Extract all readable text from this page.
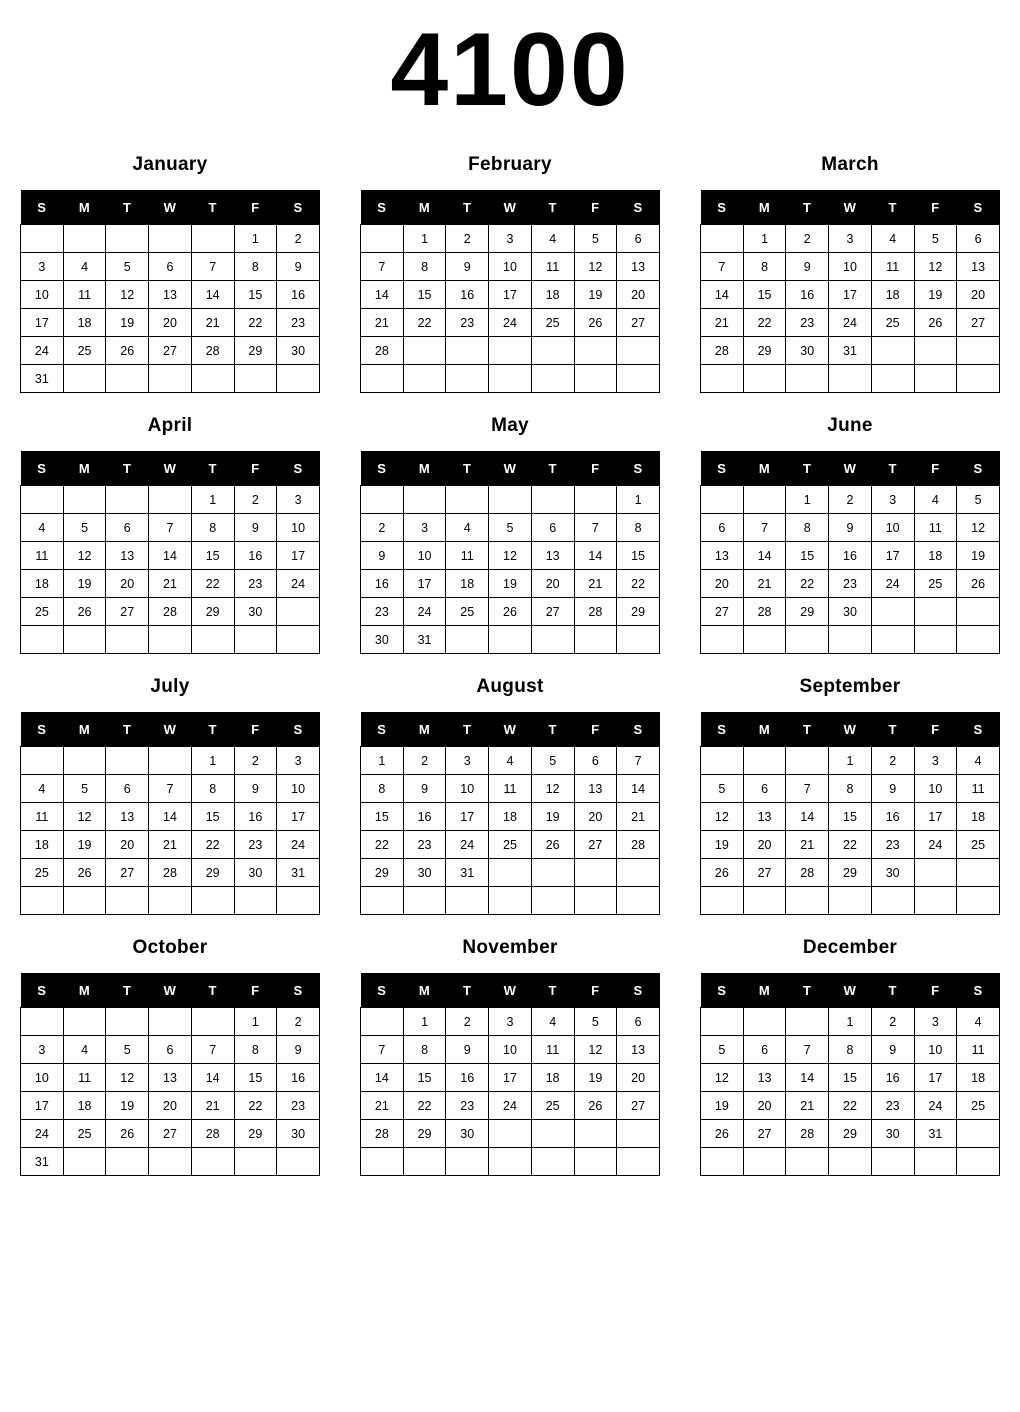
4100
January
S	M	T	W	T	F	S
					1	2
3	4	5	6	7	8	9
10	11	12	13	14	15	16
17	18	19	20	21	22	23
24	25	26	27	28	29	30
31						
February
S	M	T	W	T	F	S
	1	2	3	4	5	6
7	8	9	10	11	12	13
14	15	16	17	18	19	20
21	22	23	24	25	26	27
28						

March
S	M	T	W	T	F	S
	1	2	3	4	5	6
7	8	9	10	11	12	13
14	15	16	17	18	19	20
21	22	23	24	25	26	27
28	29	30	31			

April
S	M	T	W	T	F	S
				1	2	3
4	5	6	7	8	9	10
11	12	13	14	15	16	17
18	19	20	21	22	23	24
25	26	27	28	29	30	

May
S	M	T	W	T	F	S
						1
2	3	4	5	6	7	8
9	10	11	12	13	14	15
16	17	18	19	20	21	22
23	24	25	26	27	28	29
30	31					
June
S	M	T	W	T	F	S
		1	2	3	4	5
6	7	8	9	10	11	12
13	14	15	16	17	18	19
20	21	22	23	24	25	26
27	28	29	30			

July
S	M	T	W	T	F	S
				1	2	3
4	5	6	7	8	9	10
11	12	13	14	15	16	17
18	19	20	21	22	23	24
25	26	27	28	29	30	31

August
S	M	T	W	T	F	S
1	2	3	4	5	6	7
8	9	10	11	12	13	14
15	16	17	18	19	20	21
22	23	24	25	26	27	28
29	30	31				

September
S	M	T	W	T	F	S
			1	2	3	4
5	6	7	8	9	10	11
12	13	14	15	16	17	18
19	20	21	22	23	24	25
26	27	28	29	30		

October
S	M	T	W	T	F	S
					1	2
3	4	5	6	7	8	9
10	11	12	13	14	15	16
17	18	19	20	21	22	23
24	25	26	27	28	29	30
31						
November
S	M	T	W	T	F	S
	1	2	3	4	5	6
7	8	9	10	11	12	13
14	15	16	17	18	19	20
21	22	23	24	25	26	27
28	29	30				

December
S	M	T	W	T	F	S
			1	2	3	4
5	6	7	8	9	10	11
12	13	14	15	16	17	18
19	20	21	22	23	24	25
26	27	28	29	30	31	
